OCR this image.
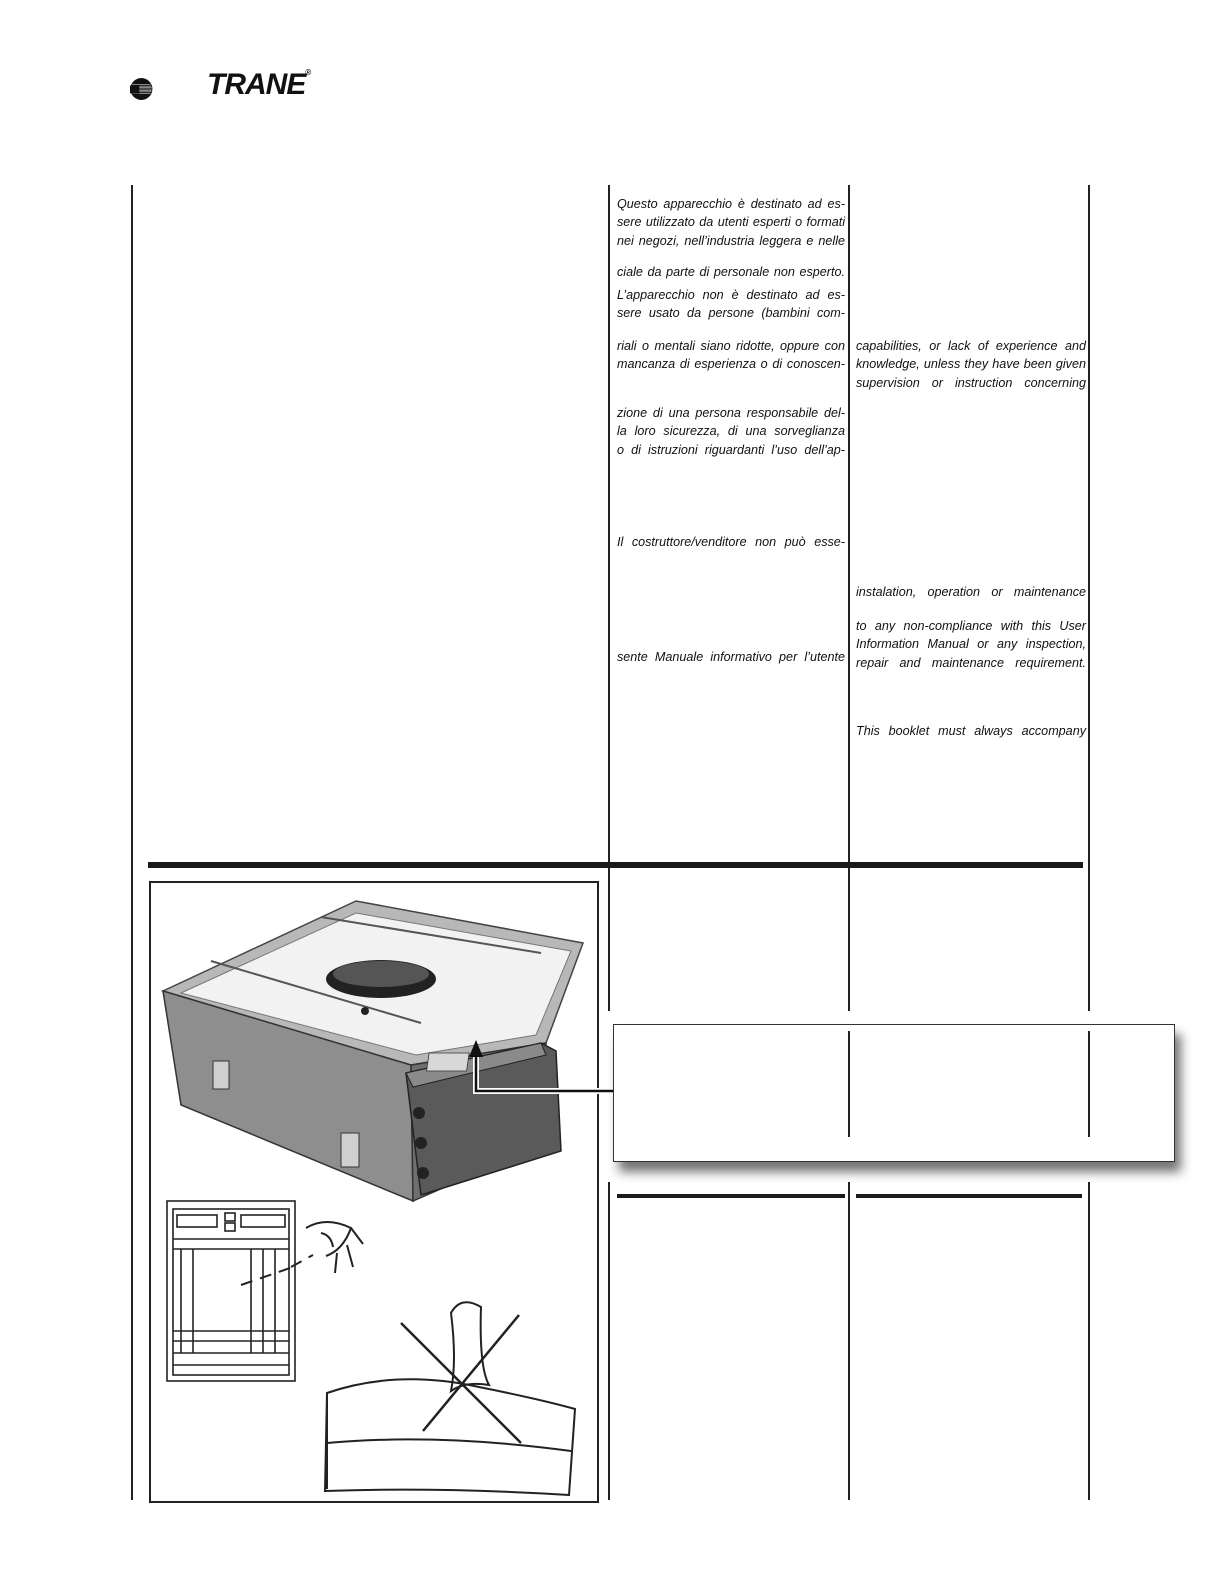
TRANE®

Questo apparecchio è destinato ad es-

sere utilizzato da utenti esperti o formati

nei negozi, nell’industria leggera e nelle

ciale da parte di personale non esperto.

L’apparecchio non è destinato ad es-

sere usato da persone (bambini com-

riali o mentali siano ridotte, oppure con

mancanza di esperienza o di conoscen-

zione di una persona responsabile del-

la loro sicurezza, di una sorveglianza

o di istruzioni riguardanti l’uso dell’ap-

Il costruttore/venditore non può esse-

sente Manuale informativo per l’utente

capabilities, or lack of experience and

knowledge, unless they have been given

supervision or instruction concerning

instalation, operation or maintenance

to any non-compliance with this User

Information Manual or any inspection,

repair and maintenance requirement.

This booklet must always accompany
